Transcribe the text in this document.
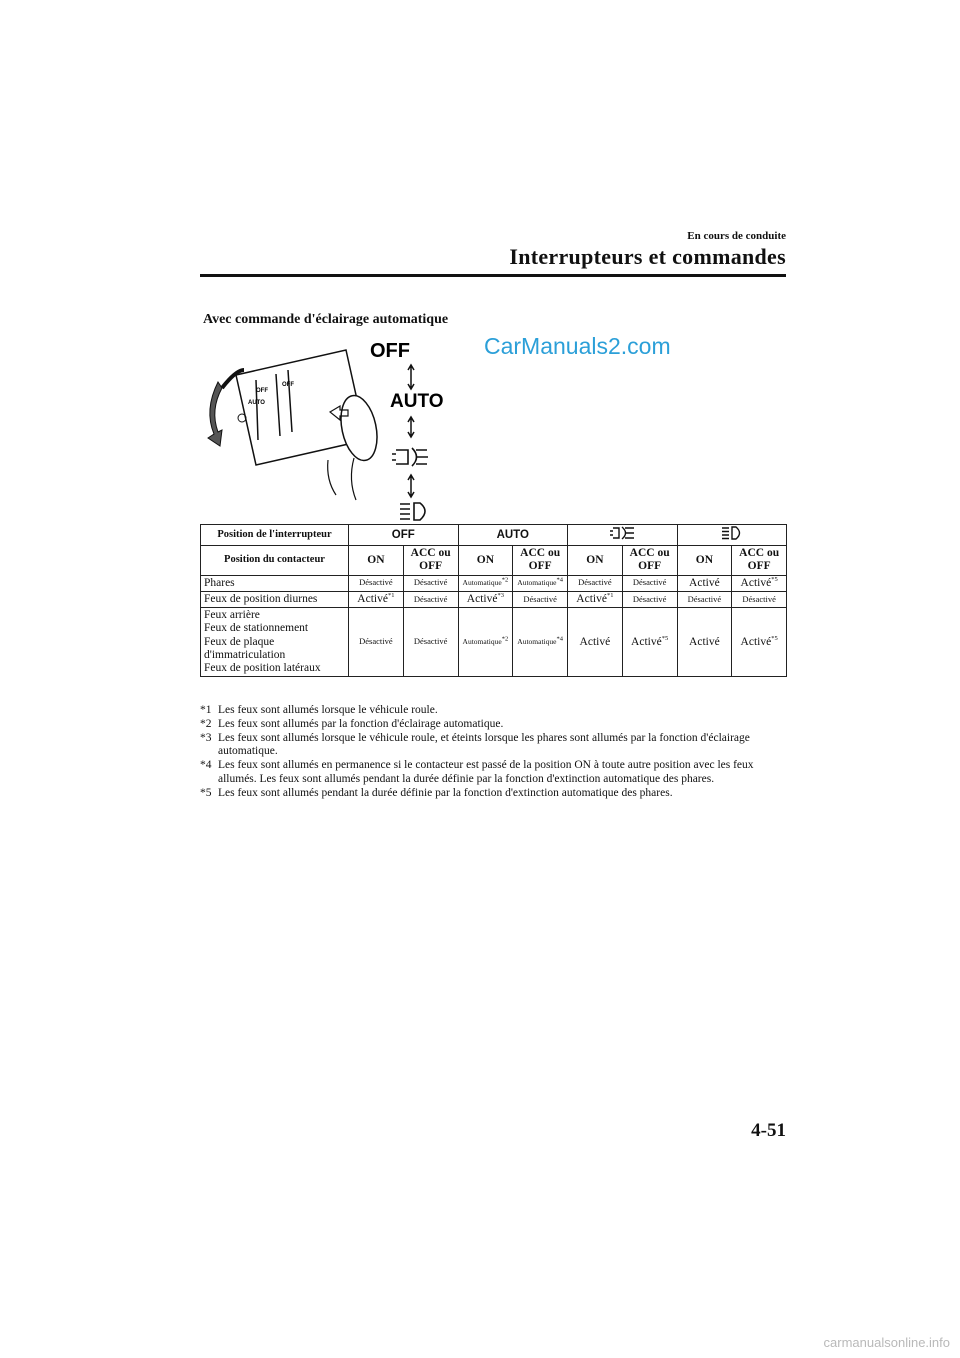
En cours de conduite
Interrupteurs et commandes
Avec commande d'éclairage automatique
CarManuals2.com
OFF
AUTO
OFF
OFF
AUTO
Position de l'interrupteur	OFF		AUTO		
Position du contacteur	ON	ACC ou OFF	ON	ACC ou OFF	ON	ACC ou OFF	ON	ACC ou OFF
Phares	Désactivé	Désactivé	Automatique$^{*2}$	Automatique$^{*4}$	Désactivé	Désactivé	Activé	Activé$^{*5}$
Feux de position diurnes	Activé$^{*1}$	Désactivé	Activé$^{*3}$	Désactivé	Activé$^{*1}$	Désactivé	Désactivé	Désactivé

Feux arrière
Feux de stationnement
Feux de plaque
d'immatriculation
Feux de position latéraux	Désactivé	Désactivé	Automatique$^{*2}$	Automatique$^{*4}$	Activé	Activé$^{*5}$	Activé	Activé$^{*5}$
*1 Les feux sont allumés lorsque le véhicule roule.
*2 Les feux sont allumés par la fonction d'éclairage automatique.
*3 Les feux sont allumés lorsque le véhicule roule, et éteints lorsque les phares sont allumés par la fonction d'éclairage automatique.
*4 Les feux sont allumés en permanence si le contacteur est passé de la position ON à toute autre position avec les feux allumés. Les feux sont allumés pendant la durée définie par la fonction d'extinction automatique des phares.
*5 Les feux sont allumés pendant la durée définie par la fonction d'extinction automatique des phares.
4-51
carmanualsonline.info
